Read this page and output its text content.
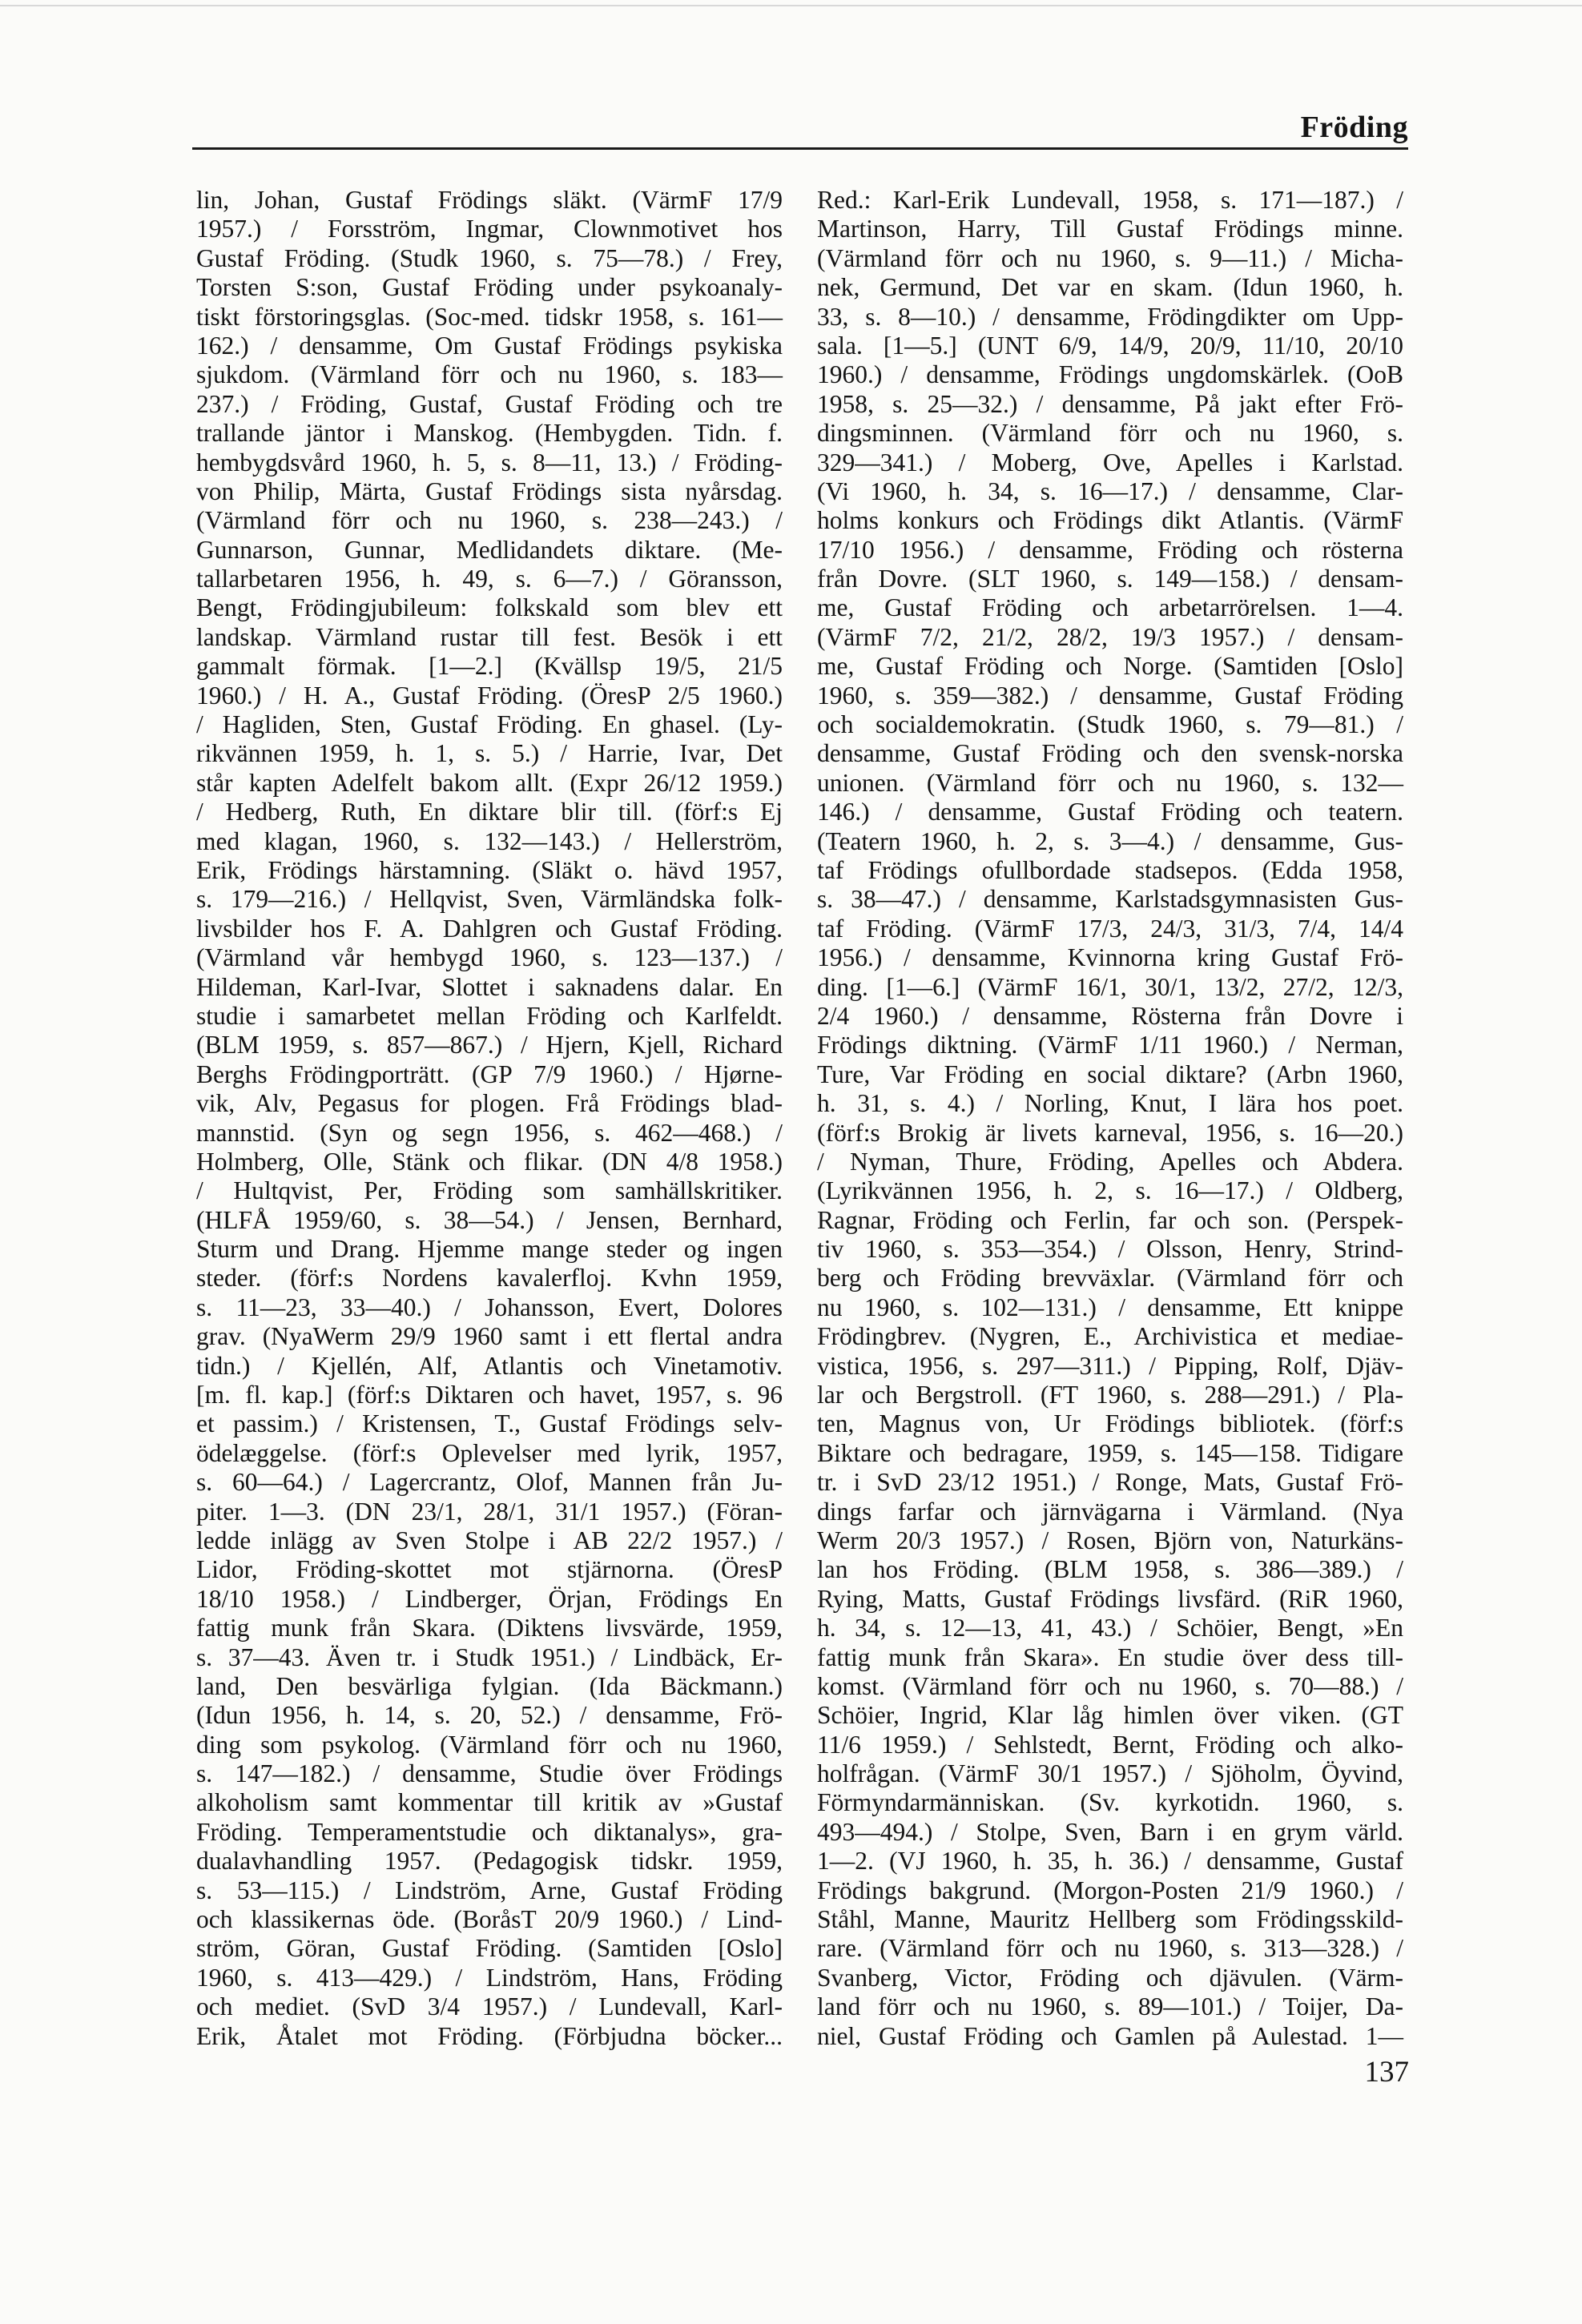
Fröding
lin, Johan, Gustaf Frödings släkt. (VärmF 17/9
1957.) / Forsström, Ingmar, Clownmotivet hos
Gustaf Fröding. (Studk 1960, s. 75—78.) / Frey,
Torsten S:son, Gustaf Fröding under psykoanaly-
tiskt förstoringsglas. (Soc-med. tidskr 1958, s. 161—
162.) / densamme, Om Gustaf Frödings psykiska
sjukdom. (Värmland förr och nu 1960, s. 183—
237.) / Fröding, Gustaf, Gustaf Fröding och tre
trallande jäntor i Manskog. (Hembygden. Tidn. f.
hembygdsvård 1960, h. 5, s. 8—11, 13.) / Fröding-
von Philip, Märta, Gustaf Frödings sista nyårsdag.
(Värmland förr och nu 1960, s. 238—243.) /
Gunnarson, Gunnar, Medlidandets diktare. (Me-
tallarbetaren 1956, h. 49, s. 6—7.) / Göransson,
Bengt, Frödingjubileum: folkskald som blev ett
landskap. Värmland rustar till fest. Besök i ett
gammalt förmak. [1—2.] (Kvällsp 19/5, 21/5
1960.) / H. A., Gustaf Fröding. (ÖresP 2/5 1960.)
/ Hagliden, Sten, Gustaf Fröding. En ghasel. (Ly-
rikvännen 1959, h. 1, s. 5.) / Harrie, Ivar, Det
står kapten Adelfelt bakom allt. (Expr 26/12 1959.)
/ Hedberg, Ruth, En diktare blir till. (förf:s Ej
med klagan, 1960, s. 132—143.) / Hellerström,
Erik, Frödings härstamning. (Släkt o. hävd 1957,
s. 179—216.) / Hellqvist, Sven, Värmländska folk-
livsbilder hos F. A. Dahlgren och Gustaf Fröding.
(Värmland vår hembygd 1960, s. 123—137.) /
Hildeman, Karl-Ivar, Slottet i saknadens dalar. En
studie i samarbetet mellan Fröding och Karlfeldt.
(BLM 1959, s. 857—867.) / Hjern, Kjell, Richard
Berghs Frödingporträtt. (GP 7/9 1960.) / Hjørne-
vik, Alv, Pegasus for plogen. Frå Frödings blad-
mannstid. (Syn og segn 1956, s. 462—468.) /
Holmberg, Olle, Stänk och flikar. (DN 4/8 1958.)
/ Hultqvist, Per, Fröding som samhällskritiker.
(HLFÅ 1959/60, s. 38—54.) / Jensen, Bernhard,
Sturm und Drang. Hjemme mange steder og ingen
steder. (förf:s Nordens kavalerfloj. Kvhn 1959,
s. 11—23, 33—40.) / Johansson, Evert, Dolores
grav. (NyaWerm 29/9 1960 samt i ett flertal andra
tidn.) / Kjellén, Alf, Atlantis och Vinetamotiv.
[m. fl. kap.] (förf:s Diktaren och havet, 1957, s. 96
et passim.) / Kristensen, T., Gustaf Frödings selv-
ödelæggelse. (förf:s Oplevelser med lyrik, 1957,
s. 60—64.) / Lagercrantz, Olof, Mannen från Ju-
piter. 1—3. (DN 23/1, 28/1, 31/1 1957.) (Föran-
ledde inlägg av Sven Stolpe i AB 22/2 1957.) /
Lidor, Fröding-skottet mot stjärnorna. (ÖresP
18/10 1958.) / Lindberger, Örjan, Frödings En
fattig munk från Skara. (Diktens livsvärde, 1959,
s. 37—43. Även tr. i Studk 1951.) / Lindbäck, Er-
land, Den besvärliga fylgian. (Ida Bäckmann.)
(Idun 1956, h. 14, s. 20, 52.) / densamme, Frö-
ding som psykolog. (Värmland förr och nu 1960,
s. 147—182.) / densamme, Studie över Frödings
alkoholism samt kommentar till kritik av »Gustaf
Fröding. Temperamentstudie och diktanalys», gra-
dualavhandling 1957. (Pedagogisk tidskr. 1959,
s. 53—115.) / Lindström, Arne, Gustaf Fröding
och klassikernas öde. (BoråsT 20/9 1960.) / Lind-
ström, Göran, Gustaf Fröding. (Samtiden [Oslo]
1960, s. 413—429.) / Lindström, Hans, Fröding
och mediet. (SvD 3/4 1957.) / Lundevall, Karl-
Erik, Åtalet mot Fröding. (Förbjudna böcker...
Red.: Karl-Erik Lundevall, 1958, s. 171—187.) /
Martinson, Harry, Till Gustaf Frödings minne.
(Värmland förr och nu 1960, s. 9—11.) / Micha-
nek, Germund, Det var en skam. (Idun 1960, h.
33, s. 8—10.) / densamme, Frödingdikter om Upp-
sala. [1—5.] (UNT 6/9, 14/9, 20/9, 11/10, 20/10
1960.) / densamme, Frödings ungdomskärlek. (OoB
1958, s. 25—32.) / densamme, På jakt efter Frö-
dingsminnen. (Värmland förr och nu 1960, s.
329—341.) / Moberg, Ove, Apelles i Karlstad.
(Vi 1960, h. 34, s. 16—17.) / densamme, Clar-
holms konkurs och Frödings dikt Atlantis. (VärmF
17/10 1956.) / densamme, Fröding och rösterna
från Dovre. (SLT 1960, s. 149—158.) / densam-
me, Gustaf Fröding och arbetarrörelsen. 1—4.
(VärmF 7/2, 21/2, 28/2, 19/3 1957.) / densam-
me, Gustaf Fröding och Norge. (Samtiden [Oslo]
1960, s. 359—382.) / densamme, Gustaf Fröding
och socialdemokratin. (Studk 1960, s. 79—81.) /
densamme, Gustaf Fröding och den svensk-norska
unionen. (Värmland förr och nu 1960, s. 132—
146.) / densamme, Gustaf Fröding och teatern.
(Teatern 1960, h. 2, s. 3—4.) / densamme, Gus-
taf Frödings ofullbordade stadsepos. (Edda 1958,
s. 38—47.) / densamme, Karlstadsgymnasisten Gus-
taf Fröding. (VärmF 17/3, 24/3, 31/3, 7/4, 14/4
1956.) / densamme, Kvinnorna kring Gustaf Frö-
ding. [1—6.] (VärmF 16/1, 30/1, 13/2, 27/2, 12/3,
2/4 1960.) / densamme, Rösterna från Dovre i
Frödings diktning. (VärmF 1/11 1960.) / Nerman,
Ture, Var Fröding en social diktare? (Arbn 1960,
h. 31, s. 4.) / Norling, Knut, I lära hos poet.
(förf:s Brokig är livets karneval, 1956, s. 16—20.)
/ Nyman, Thure, Fröding, Apelles och Abdera.
(Lyrikvännen 1956, h. 2, s. 16—17.) / Oldberg,
Ragnar, Fröding och Ferlin, far och son. (Perspek-
tiv 1960, s. 353—354.) / Olsson, Henry, Strind-
berg och Fröding brevväxlar. (Värmland förr och
nu 1960, s. 102—131.) / densamme, Ett knippe
Frödingbrev. (Nygren, E., Archivistica et mediae-
vistica, 1956, s. 297—311.) / Pipping, Rolf, Djäv-
lar och Bergstroll. (FT 1960, s. 288—291.) / Pla-
ten, Magnus von, Ur Frödings bibliotek. (förf:s
Biktare och bedragare, 1959, s. 145—158. Tidigare
tr. i SvD 23/12 1951.) / Ronge, Mats, Gustaf Frö-
dings farfar och järnvägarna i Värmland. (Nya
Werm 20/3 1957.) / Rosen, Björn von, Naturkäns-
lan hos Fröding. (BLM 1958, s. 386—389.) /
Rying, Matts, Gustaf Frödings livsfärd. (RiR 1960,
h. 34, s. 12—13, 41, 43.) / Schöier, Bengt, »En
fattig munk från Skara». En studie över dess till-
komst. (Värmland förr och nu 1960, s. 70—88.) /
Schöier, Ingrid, Klar låg himlen över viken. (GT
11/6 1959.) / Sehlstedt, Bernt, Fröding och alko-
holfrågan. (VärmF 30/1 1957.) / Sjöholm, Öyvind,
Förmyndarmänniskan. (Sv. kyrkotidn. 1960, s.
493—494.) / Stolpe, Sven, Barn i en grym värld.
1—2. (VJ 1960, h. 35, h. 36.) / densamme, Gustaf
Frödings bakgrund. (Morgon-Posten 21/9 1960.) /
Ståhl, Manne, Mauritz Hellberg som Frödingsskild-
rare. (Värmland förr och nu 1960, s. 313—328.) /
Svanberg, Victor, Fröding och djävulen. (Värm-
land förr och nu 1960, s. 89—101.) / Toijer, Da-
niel, Gustaf Fröding och Gamlen på Aulestad. 1—
137
